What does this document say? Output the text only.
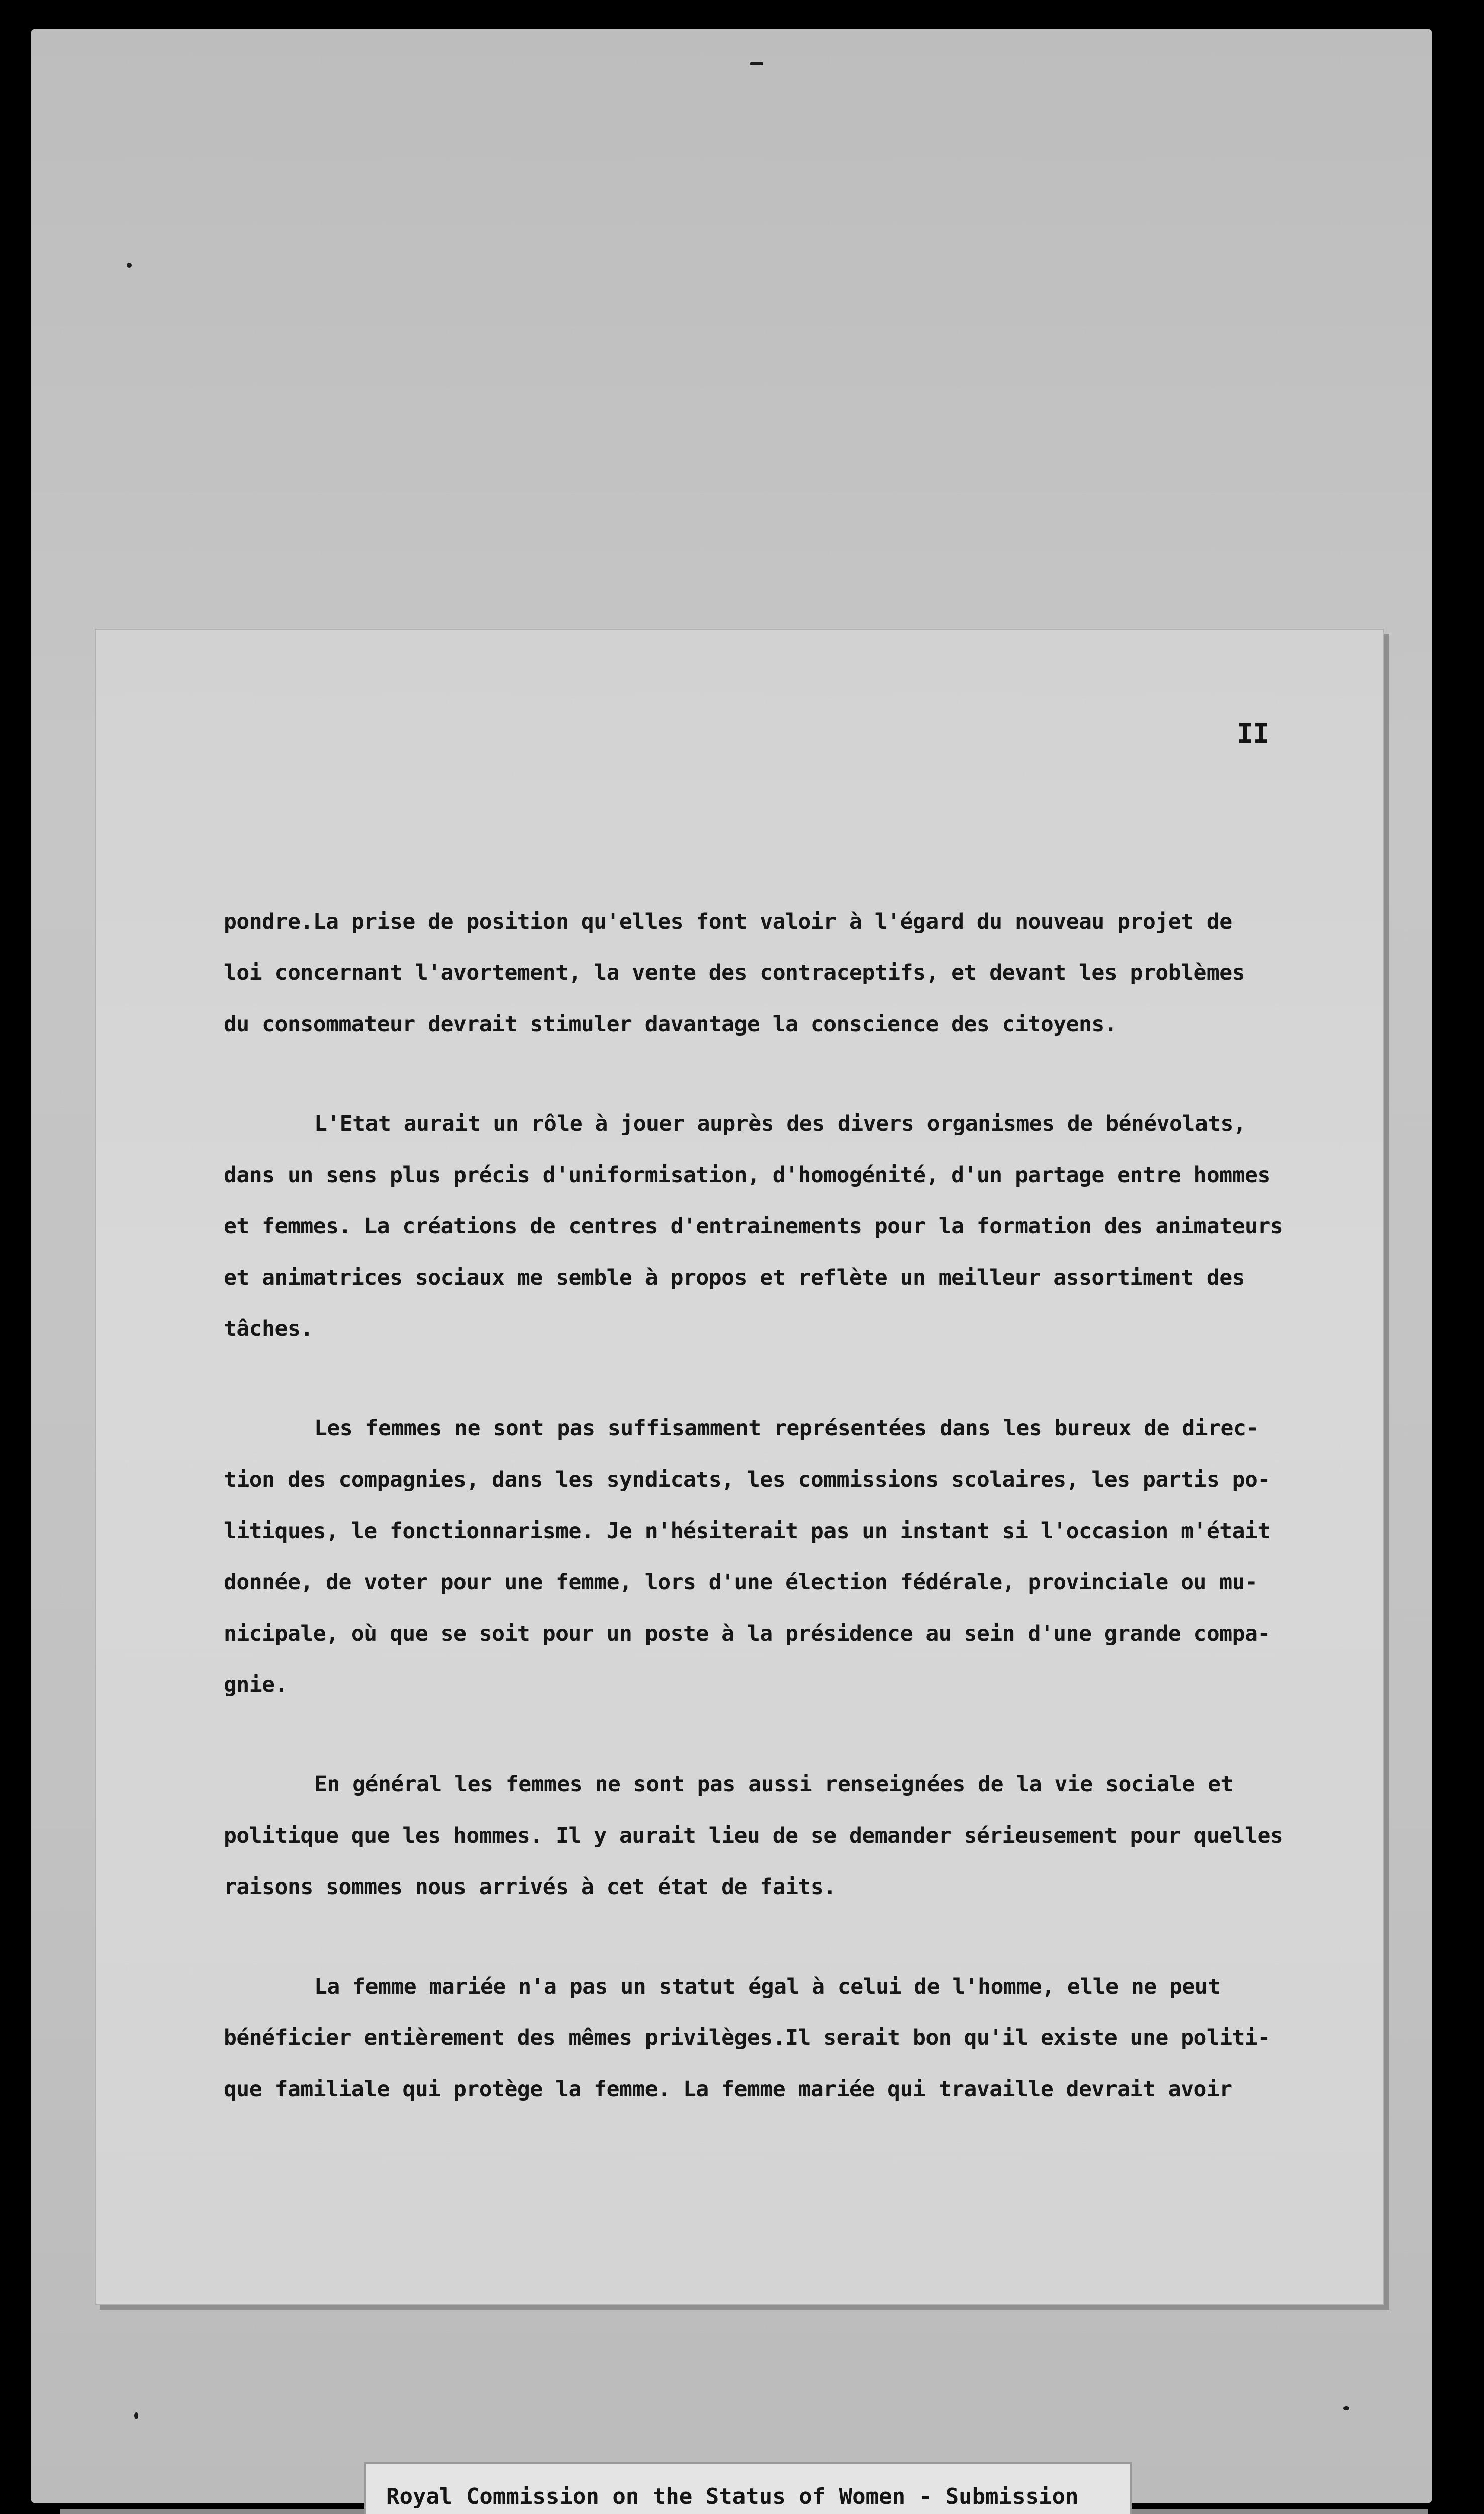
II
pondre.La prise de position qu'elles font valoir à l'égard du nouveau projet de
loi concernant l'avortement, la vente des contraceptifs, et devant les problèmes
du consommateur devrait stimuler davantage la conscience des citoyens.
L'Etat aurait un rôle à jouer auprès des divers organismes de bénévolats,
dans un sens plus précis d'uniformisation, d'homogénité, d'un partage entre hommes
et femmes. La créations de centres d'entrainements pour la formation des animateurs
et animatrices sociaux me semble à propos et reflète un meilleur assortiment des
tâches.
Les femmes ne sont pas suffisamment représentées dans les bureux de direc-
tion des compagnies, dans les syndicats, les commissions scolaires, les partis po-
litiques, le fonctionnarisme. Je n'hésiterait pas un instant si l'occasion m'était
donnée, de voter pour une femme, lors d'une élection fédérale, provinciale ou mu-
nicipale, où que se soit pour un poste à la présidence au sein d'une grande compa-
gnie.
En général les femmes ne sont pas aussi renseignées de la vie sociale et
politique que les hommes. Il y aurait lieu de se demander sérieusement pour quelles
raisons sommes nous arrivés à cet état de faits.
La femme mariée n'a pas un statut égal à celui de l'homme, elle ne peut
bénéficier entièrement des mêmes privilèges.Il serait bon qu'il existe une politi-
que familiale qui protège la femme. La femme mariée qui travaille devrait avoir
Royal Commission on the Status of Women - Submission
